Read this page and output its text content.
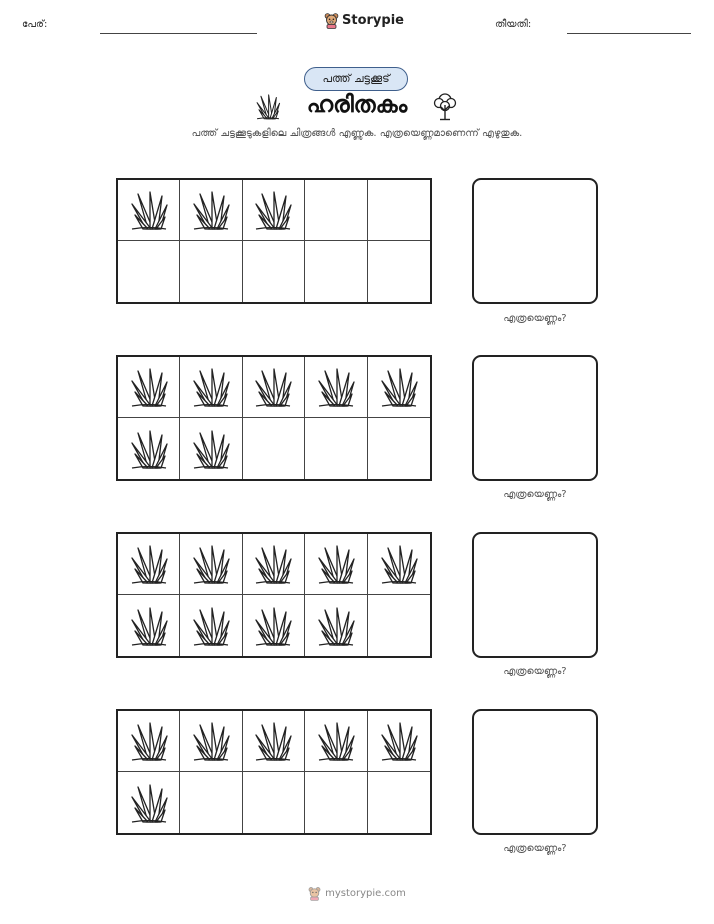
പേര്:	Storypie	തീയതി:
പത്ത് ചട്ടക്കൂട്
ഹരിതകം
പത്ത് ചട്ടക്കൂടുകളിലെ ചിത്രങ്ങൾ എണ്ണുക. എത്രയെണ്ണമാണെന്ന് എഴുതുക.
എത്രയെണ്ണം?
എത്രയെണ്ണം?
എത്രയെണ്ണം?
എത്രയെണ്ണം?
mystorypie.com
